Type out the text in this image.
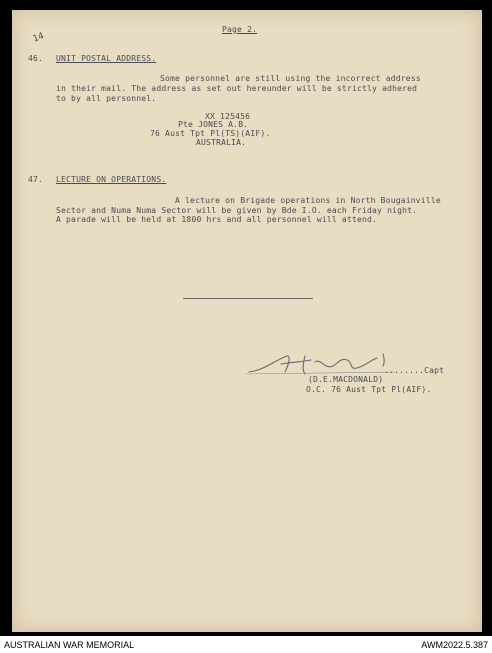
Page 2.
14
46. UNIT POSTAL ADDRESS.
Some personnel are still using the incorrect address
in their mail. The address as set out hereunder will be strictly adhered
to by all personnel.
XX 125456
Pte JONES A.B.
76 Aust Tpt Pl(TS)(AIF).
AUSTRALIA.
47. LECTURE ON OPERATIONS.
A lecture on Brigade operations in North Bougainville
Sector and Numa Numa Sector will be given by Bde I.O. each Friday night.
A parade will be held at 1800 hrs and all personnel will attend.
........Capt
(D.E.MACDONALD)
O.C. 76 Aust Tpt Pl(AIF).
AUSTRALIAN WAR MEMORIAL	AWM2022.5.387
